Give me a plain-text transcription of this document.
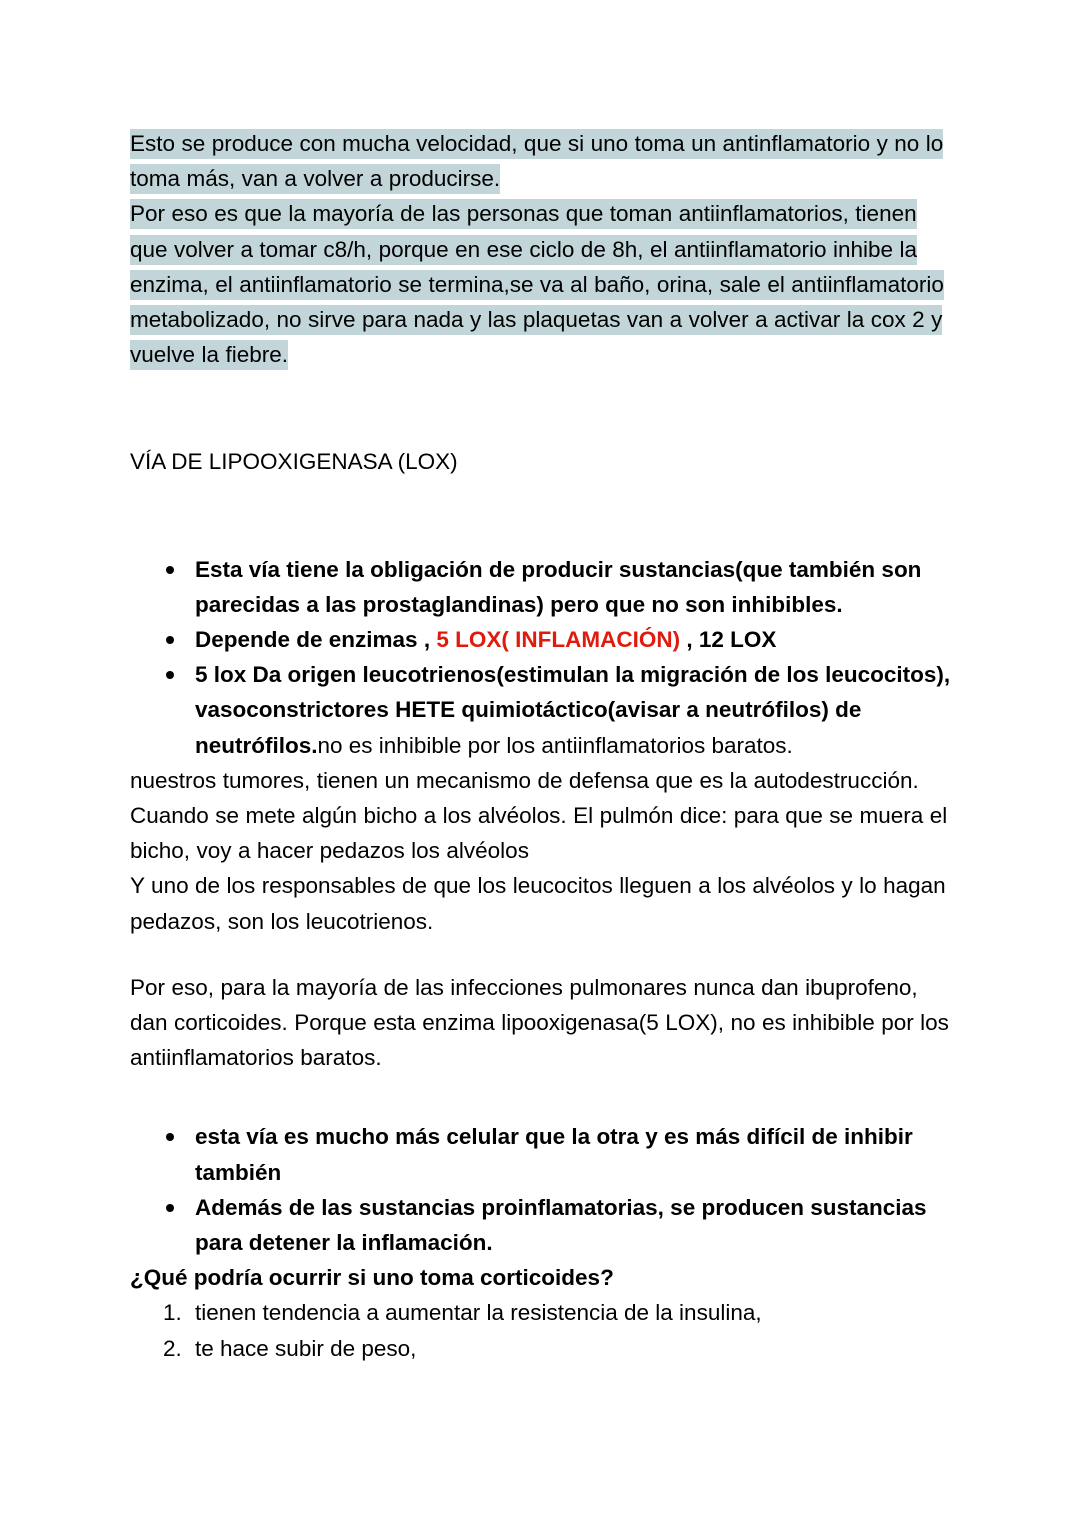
Esto se produce con mucha velocidad, que si uno toma un antinflamatorio y no lo toma más, van a volver a producirse.

Por eso es que la mayoría de las personas que toman antiinflamatorios, tienen que volver a tomar c8/h, porque en ese ciclo de 8h, el antiinflamatorio inhibe la enzima, el antiinflamatorio se termina,se va al baño, orina, sale el antiinflamatorio metabolizado, no sirve para nada y las plaquetas van a volver a activar la cox 2 y vuelve la fiebre.

VÍA DE LIPOOXIGENASA (LOX)

Esta vía tiene la obligación de producir sustancias(que también son parecidas a las prostaglandinas) pero que no son inhibibles.
Depende de enzimas , 5 LOX( INFLAMACIÓN) , 12 LOX
5 lox Da origen leucotrienos(estimulan la migración de los leucocitos), vasoconstrictores HETE quimiotáctico(avisar a neutrófilos) de neutrófilos.no es inhibible por los antiinflamatorios baratos.

nuestros tumores, tienen un mecanismo de defensa que es la autodestrucción.

Cuando se mete algún bicho a los alvéolos. El pulmón dice: para que se muera el bicho, voy a hacer pedazos los alvéolos

Y uno de los responsables de que los leucocitos lleguen a los alvéolos y lo hagan pedazos, son los leucotrienos.

Por eso, para la mayoría de las infecciones pulmonares nunca dan ibuprofeno, dan corticoides. Porque esta enzima lipooxigenasa(5 LOX), no es inhibible por los antiinflamatorios baratos.

esta vía es mucho más celular que la otra y es más difícil de inhibir también
Además de las sustancias proinflamatorias, se producen sustancias para detener la inflamación.

¿Qué podría ocurrir si uno toma corticoides?

1. tienen tendencia a aumentar la resistencia de la insulina,
2. te hace subir de peso,
